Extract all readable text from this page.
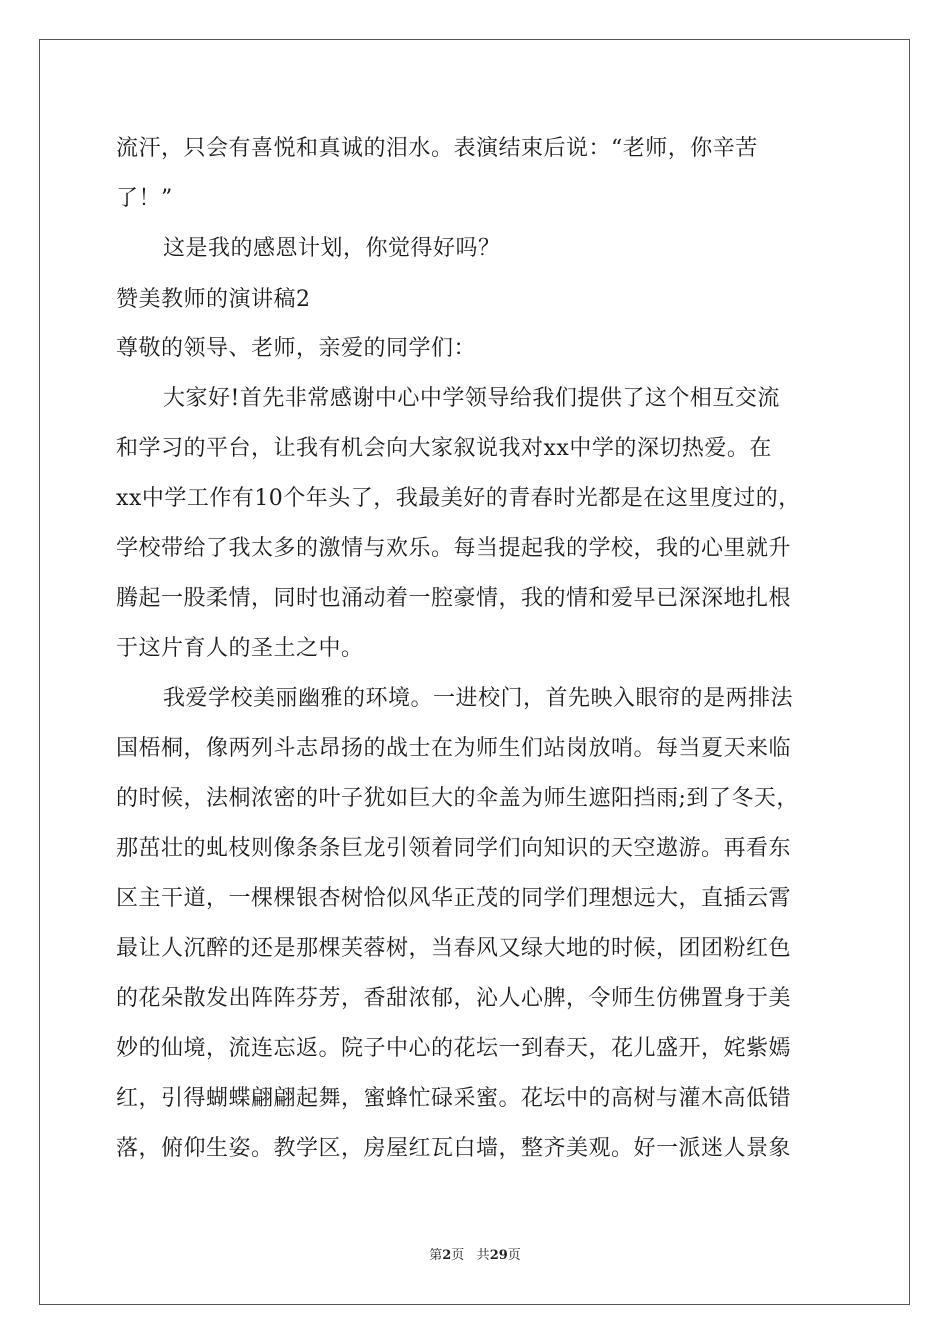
流汗，只会有喜悦和真诚的泪水。表演结束后说：“老师，你辛苦
了！”
这是我的感恩计划，你觉得好吗？
赞美教师的演讲稿2
尊敬的领导、老师，亲爱的同学们：
大家好!首先非常感谢中心中学领导给我们提供了这个相互交流
和学习的平台，让我有机会向大家叙说我对xx中学的深切热爱。在
xx中学工作有10个年头了，我最美好的青春时光都是在这里度过的，
学校带给了我太多的激情与欢乐。每当提起我的学校，我的心里就升
腾起一股柔情，同时也涌动着一腔豪情，我的情和爱早已深深地扎根
于这片育人的圣土之中。
我爱学校美丽幽雅的环境。一进校门，首先映入眼帘的是两排法
国梧桐，像两列斗志昂扬的战士在为师生们站岗放哨。每当夏天来临
的时候，法桐浓密的叶子犹如巨大的伞盖为师生遮阳挡雨;到了冬天，
那茁壮的虬枝则像条条巨龙引领着同学们向知识的天空遨游。再看东
区主干道，一棵棵银杏树恰似风华正茂的同学们理想远大，直插云霄
最让人沉醉的还是那棵芙蓉树，当春风又绿大地的时候，团团粉红色
的花朵散发出阵阵芬芳，香甜浓郁，沁人心脾，令师生仿佛置身于美
妙的仙境，流连忘返。院子中心的花坛一到春天，花儿盛开，姹紫嫣
红，引得蝴蝶翩翩起舞，蜜蜂忙碌采蜜。花坛中的高树与灌木高低错
落，俯仰生姿。教学区，房屋红瓦白墙，整齐美观。好一派迷人景象
第2页 共29页
